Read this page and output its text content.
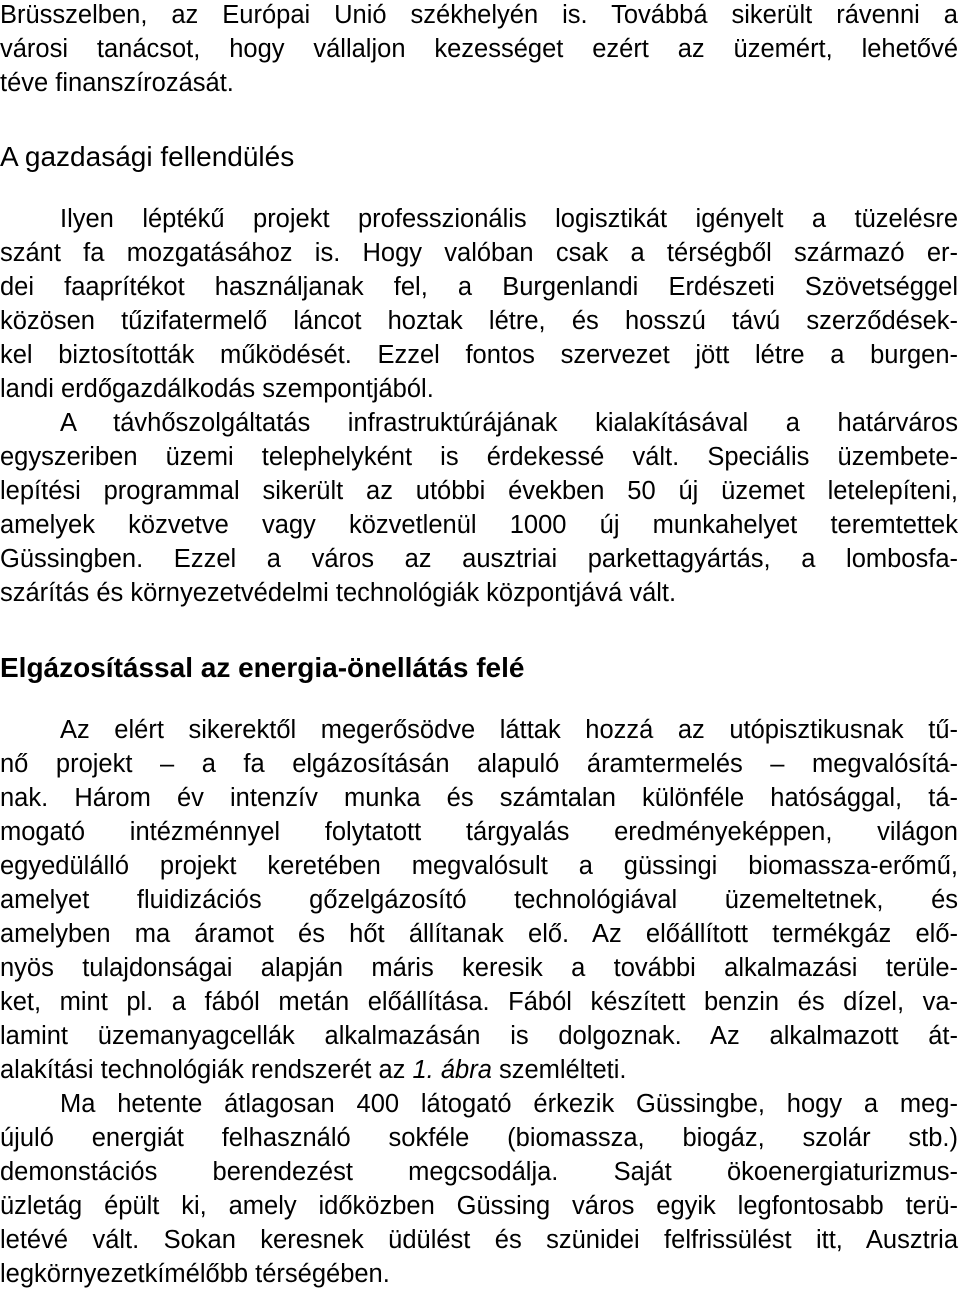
Brüsszelben, az Európai Unió székhelyén is. Továbbá sikerült rávenni a
városi tanácsot, hogy vállaljon kezességet ezért az üzemért, lehetővé
téve finanszírozását.
A gazdasági fellendülés
Ilyen léptékű projekt professzionális logisztikát igényelt a tüzelésre
szánt fa mozgatásához is. Hogy valóban csak a térségből származó er-
dei faaprítékot használjanak fel, a Burgenlandi Erdészeti Szövetséggel
közösen tűzifatermelő láncot hoztak létre, és hosszú távú szerződések-
kel biztosították működését. Ezzel fontos szervezet jött létre a burgen-
landi erdőgazdálkodás szempontjából.
A távhőszolgáltatás infrastruktúrájának kialakításával a határváros
egyszeriben üzemi telephelyként is érdekessé vált. Speciális üzembete-
lepítési programmal sikerült az utóbbi években 50 új üzemet letelepíteni,
amelyek közvetve vagy közvetlenül 1000 új munkahelyet teremtettek
Güssingben. Ezzel a város az ausztriai parkettagyártás, a lombosfa-
szárítás és környezetvédelmi technológiák központjává vált.
Elgázosítással az energia-önellátás felé
Az elért sikerektől megerősödve láttak hozzá az utópisztikusnak tű-
nő projekt – a fa elgázosításán alapuló áramtermelés – megvalósítá-
nak. Három év intenzív munka és számtalan különféle hatósággal, tá-
mogató intézménnyel folytatott tárgyalás eredményeképpen, világon
egyedülálló projekt keretében megvalósult a güssingi biomassza-erőmű,
amelyet fluidizációs gőzelgázosító technológiával üzemeltetnek, és
amelyben ma áramot és hőt állítanak elő. Az előállított termékgáz elő-
nyös tulajdonságai alapján máris keresik a további alkalmazási terüle-
ket, mint pl. a fából metán előállítása. Fából készített benzin és dízel, va-
lamint üzemanyagcellák alkalmazásán is dolgoznak. Az alkalmazott át-
alakítási technológiák rendszerét az 1. ábra szemlélteti.
Ma hetente átlagosan 400 látogató érkezik Güssingbe, hogy a meg-
újuló energiát felhasználó sokféle (biomassza, biogáz, szolár stb.)
demonstációs berendezést megcsodálja. Saját ökoenergiaturizmus-
üzletág épült ki, amely időközben Güssing város egyik legfontosabb terü-
letévé vált. Sokan keresnek üdülést és szünidei felfrissülést itt, Ausztria
legkörnyezetkímélőbb térségében.
